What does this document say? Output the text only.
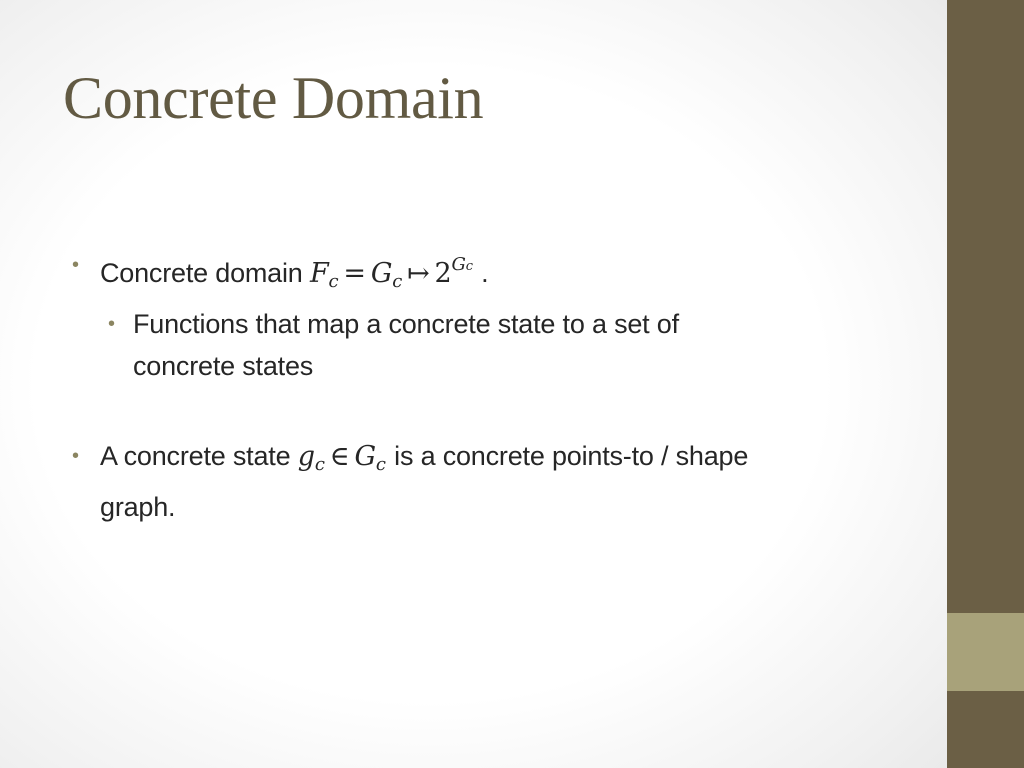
Concrete Domain
• Concrete domain $F_c = G_c$ ↦ $2^{Gc}$ .
• Functions that map a concrete state to a set of
concrete states
• A concrete state $g_c$ ∈ $G_c$ is a concrete points-to / shape
graph.
